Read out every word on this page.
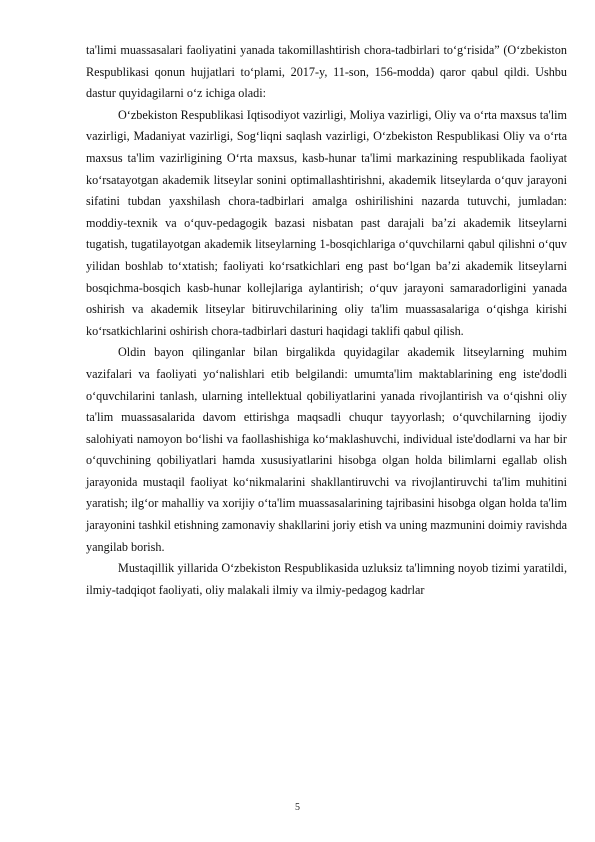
ta'limi muassasalari faoliyatini yanada takomillashtirish chora-tadbirlari to‘g‘risida” (O‘zbekiston Respublikasi qonun hujjatlari to‘plami, 2017-y, 11-son, 156-modda) qaror qabul qildi. Ushbu dastur quyidagilarni o‘z ichiga oladi:

O‘zbekiston Respublikasi Iqtisodiyot vazirligi, Moliya vazirligi, Oliy va o‘rta maxsus ta'lim vazirligi, Madaniyat vazirligi, Sog‘liqni saqlash vazirligi, O‘zbekiston Respublikasi Oliy va o‘rta maxsus ta'lim vazirligining O‘rta maxsus, kasb-hunar ta'limi markazining respublikada faoliyat ko‘rsatayotgan akademik litseylar sonini optimallashtirishni, akademik litseylarda o‘quv jarayoni sifatini tubdan yaxshilash chora-tadbirlari amalga oshirilishini nazarda tutuvchi, jumladan: moddiy-texnik va o‘quv-pedagogik bazasi nisbatan past darajali ba’zi akademik litseylarni tugatish, tugatilayotgan akademik litseylarning 1-bosqichlariga o‘quvchilarni qabul qilishni o‘quv yilidan boshlab to‘xtatish; faoliyati ko‘rsatkichlari eng past bo‘lgan ba’zi akademik litseylarni bosqichma-bosqich kasb-hunar kollejlariga aylantirish; o‘quv jarayoni samaradorligini yanada oshirish va akademik litseylar bitiruvchilarining oliy ta'lim muassasalariga o‘qishga kirishi ko‘rsatkichlarini oshirish chora-tadbirlari dasturi haqidagi taklifi qabul qilish.

Oldin bayon qilinganlar bilan birgalikda quyidagilar akademik litseylarning muhim vazifalari va faoliyati yo‘nalishlari etib belgilandi: umumta'lim maktablarining eng iste'dodli o‘quvchilarini tanlash, ularning intellektual qobiliyatlarini yanada rivojlantirish va o‘qishni oliy ta'lim muassasalarida davom ettirishga maqsadli chuqur tayyorlash; o‘quvchilarning ijodiy salohiyati namoyon bo‘lishi va faollashishiga ko‘maklashuvchi, individual iste'dodlarni va har bir o‘quvchining qobiliyatlari hamda xususiyatlarini hisobga olgan holda bilimlarni egallab olish jarayonida mustaqil faoliyat ko‘nikmalarini shakllantiruvchi va rivojlantiruvchi ta'lim muhitini yaratish; ilg‘or mahalliy va xorijiy o‘ta'lim muassasalarining tajribasini hisobga olgan holda ta'lim jarayonini tashkil etishning zamonaviy shakllarini joriy etish va uning mazmunini doimiy ravishda yangilab borish.

Mustaqillik yillarida O‘zbekiston Respublikasida uzluksiz ta'limning noyob tizimi yaratildi, ilmiy-tadqiqot faoliyati, oliy malakali ilmiy va ilmiy-pedagog kadrlar

5
